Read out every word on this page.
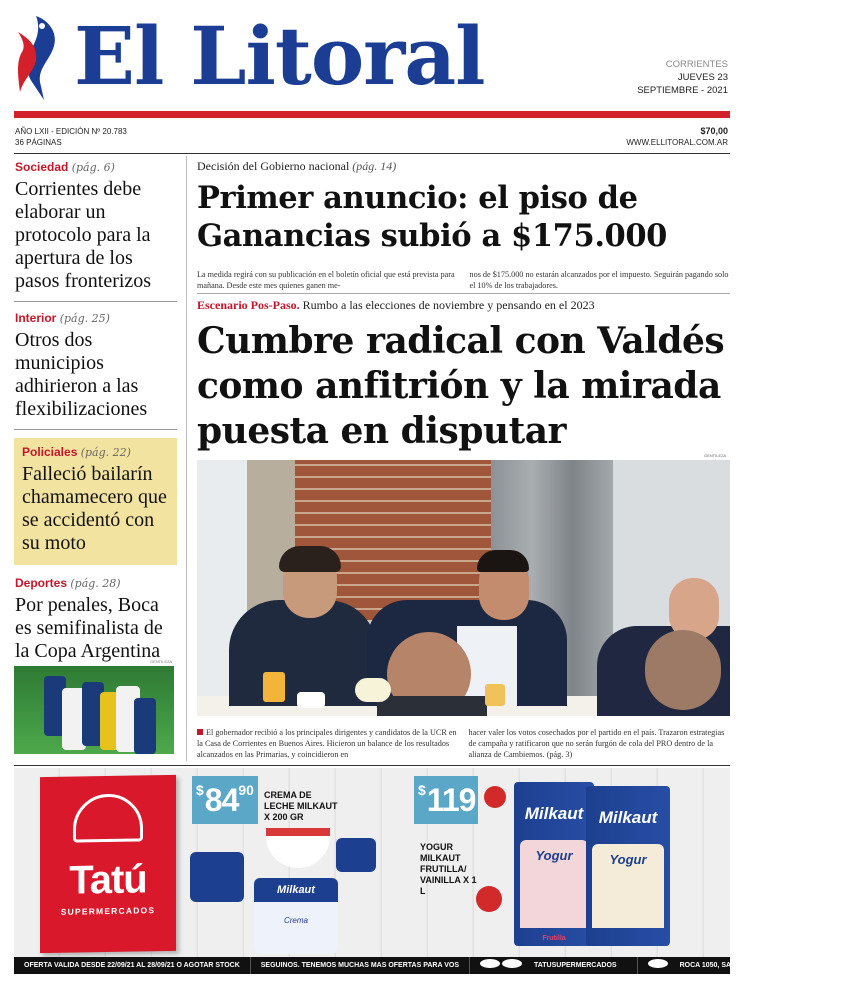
El Litoral	CORRIENTES
JUEVES 23
SEPTIEMBRE - 2021
AÑO LXII - EDICIÓN Nº 20.783
36 PÁGINAS
$70,00
WWW.ELLITORAL.COM.AR
Sociedad (pág. 6)
Corrientes debe elaborar un protocolo para la apertura de los pasos fronterizos
Interior (pág. 25)
Otros dos municipios adhirieron a las flexibilizaciones
Policiales (pág. 22)
Falleció bailarín chamamecero que se accidentó con su moto
Deportes (pág. 28)
Por penales, Boca es semifinalista de la Copa Argentina
GENTILEZA
Decisión del Gobierno nacional (pág. 14)
Primer anuncio: el piso de Ganancias subió a $175.000
La medida regirá con su publicación en el boletín oficial que está prevista para mañana. Desde este mes quienes ganen me-
nos de $175.000 no estarán alcanzados por el impuesto. Seguirán pagando solo el 10% de los trabajadores.
Escenario Pos-Paso. Rumbo a las elecciones de noviembre y pensando en el 2023
Cumbre radical con Valdés como anfitrión y la mirada puesta en disputar
GENTILEZA
El gobernador recibió a los principales dirigentes y candidatos de la UCR en la Casa de Corrientes en Buenos Aires. Hicieron un balance de los resultados alcanzados en las Primarias, y coincidieron en
hacer valer los votos cosechados por el partido en el país. Trazaron estrategias de campaña y ratificaron que no serán furgón de cola del PRO dentro de la alianza de Cambiemos. (pág. 3)
Tatú
SUPERMERCADOS
$8490	CREMA DE LECHE MILKAUT X 200 GR
Milkaut
Crema
$119
YOGUR MILKAUT FRUTILLA/ VAINILLA X 1 L
Milkaut
Yogur
Frutilla
Milkaut
Yogur
OFERTA VALIDA DESDE 22/09/21 AL 28/09/21 O AGOTAR STOCK	SEGUINOS. TENEMOS MUCHAS MAS OFERTAS PARA VOS	TATUSUPERMERCADOS	ROCA 1050, SAN LORENZO 1050, CORRIENTES
